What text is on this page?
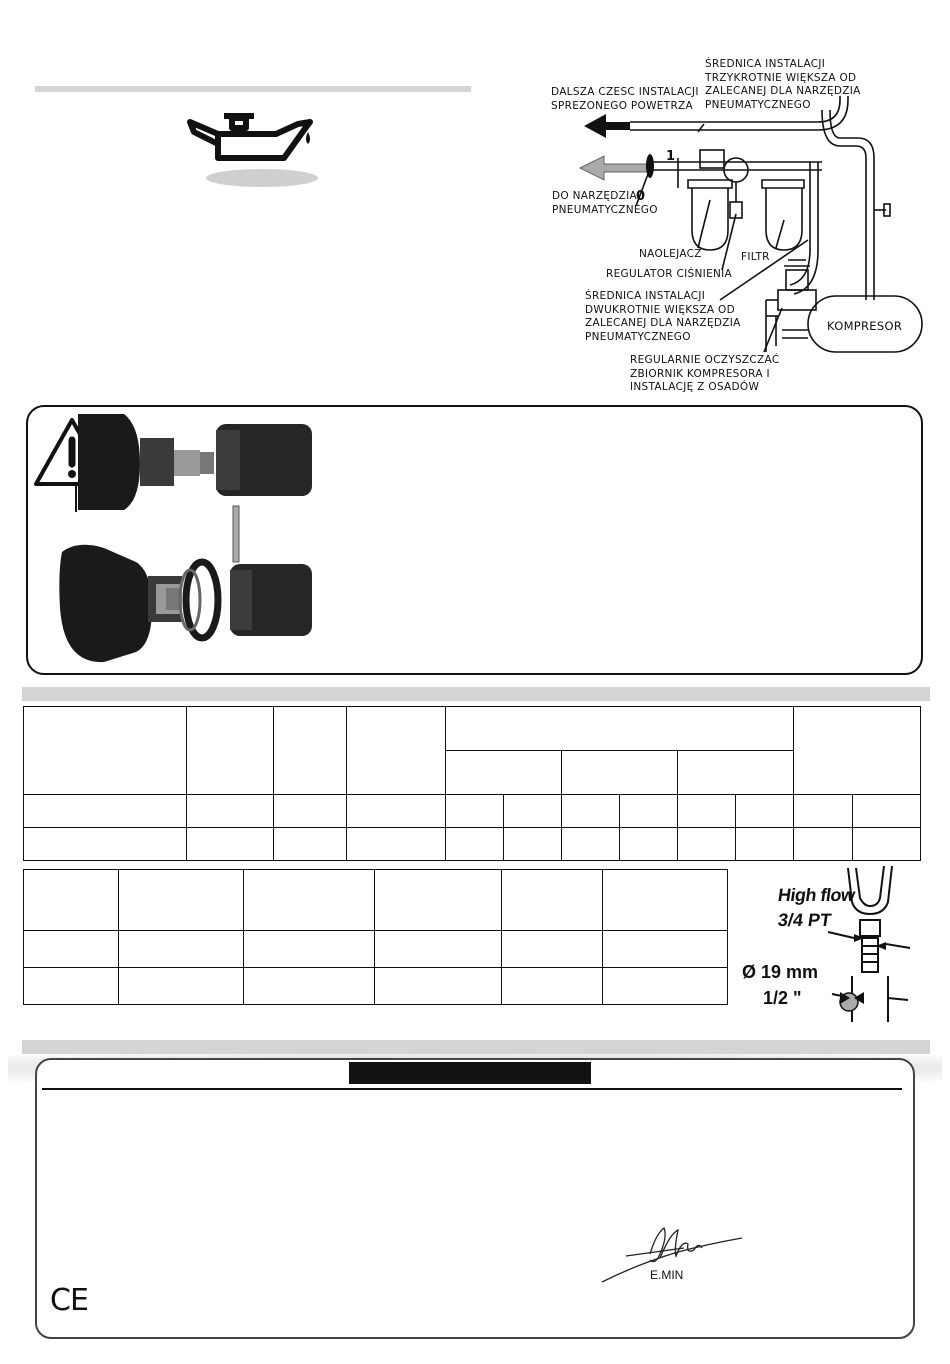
DALSZA CZESC INSTALACJI
SPREZONEGO POWETRZA
ŚREDNICA INSTALACJI
TRZYKROTNIE WIĘKSZA OD
ZALECANEJ DLA NARZĘDZIA
PNEUMATYCZNEGO
DO NARZĘDZIA
PNEUMATYCZNEGO
1
0
NAOLEJACZ	FILTR
REGULATOR CIŚNIENIA
ŚREDNICA INSTALACJI
DWUKROTNIE WIĘKSZA OD
ZALECANEJ DLA NARZĘDZIA
PNEUMATYCZNEGO
KOMPRESOR
REGULARNIE OCZYSZCZAĆ
ZBIORNIK KOMPRESORA I
INSTALACJĘ Z OSADÓW

High flow
3/4 PT
Ø 19 mm
1/2 "
E.MIN
CE
